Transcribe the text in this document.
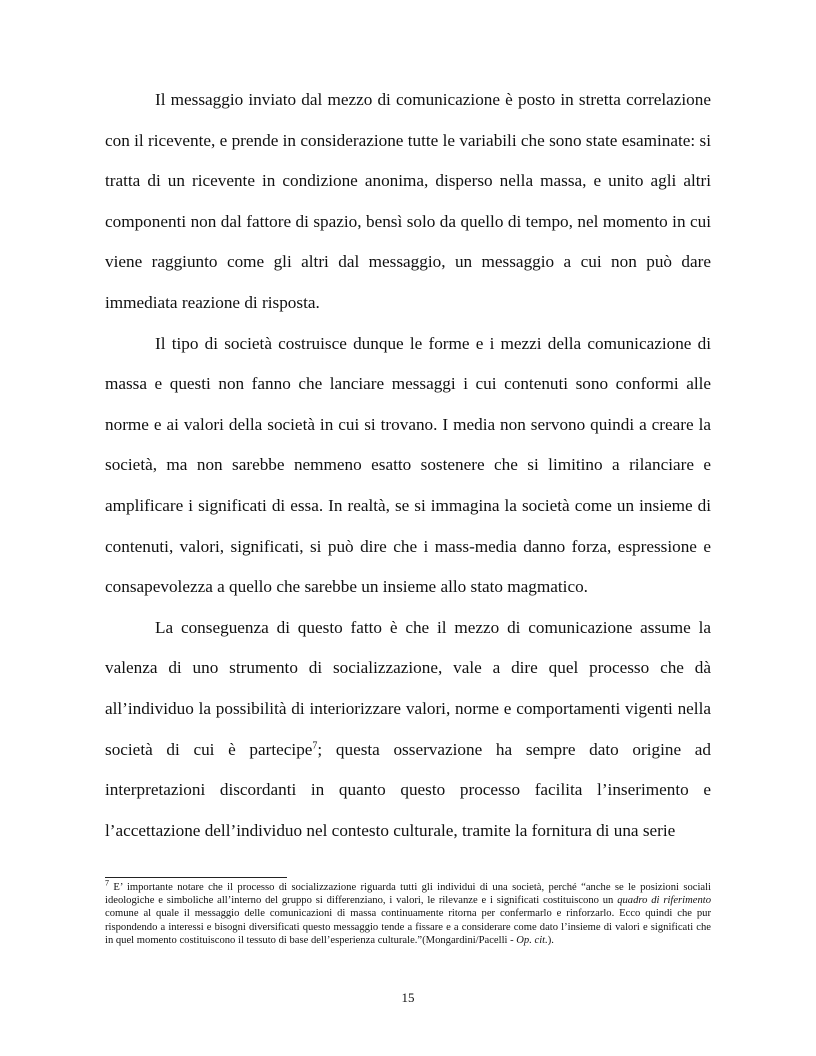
Il messaggio inviato dal mezzo di comunicazione è posto in stretta correlazione con il ricevente, e prende in considerazione tutte le variabili che sono state esaminate: si tratta di un ricevente in condizione anonima, disperso nella massa, e unito agli altri componenti non dal fattore di spazio, bensì solo da quello di tempo, nel momento in cui viene raggiunto come gli altri dal messaggio, un messaggio a cui non può dare immediata reazione di risposta.

Il tipo di società costruisce dunque le forme e i mezzi della comunicazione di massa e questi non fanno che lanciare messaggi i cui contenuti sono conformi alle norme e ai valori della società in cui si trovano. I media non servono quindi a creare la società, ma non sarebbe nemmeno esatto sostenere che si limitino a rilanciare e amplificare i significati di essa. In realtà, se si immagina la società come un insieme di contenuti, valori, significati, si può dire che i mass-media danno forza, espressione e consapevolezza a quello che sarebbe un insieme allo stato magmatico.

La conseguenza di questo fatto è che il mezzo di comunicazione assume la valenza di uno strumento di socializzazione, vale a dire quel processo che dà all’individuo la possibilità di interiorizzare valori, norme e comportamenti vigenti nella società di cui è partecipe$^7$; questa osservazione ha sempre dato origine ad interpretazioni discordanti in quanto questo processo facilita l’inserimento e l’accettazione dell’individuo nel contesto culturale, tramite la fornitura di una serie

$^7$ E’ importante notare che il processo di socializzazione riguarda tutti gli individui di una società, perché “anche se le posizioni sociali ideologiche e simboliche all’interno del gruppo si differenziano, i valori, le rilevanze e i significati costituiscono un quadro di riferimento comune al quale il messaggio delle comunicazioni di massa continuamente ritorna per confermarlo e rinforzarlo. Ecco quindi che pur rispondendo a interessi e bisogni diversificati questo messaggio tende a fissare e a considerare come dato l’insieme di valori e significati che in quel momento costituiscono il tessuto di base dell’esperienza culturale.”(Mongardini/Pacelli - Op. cit.).

15
